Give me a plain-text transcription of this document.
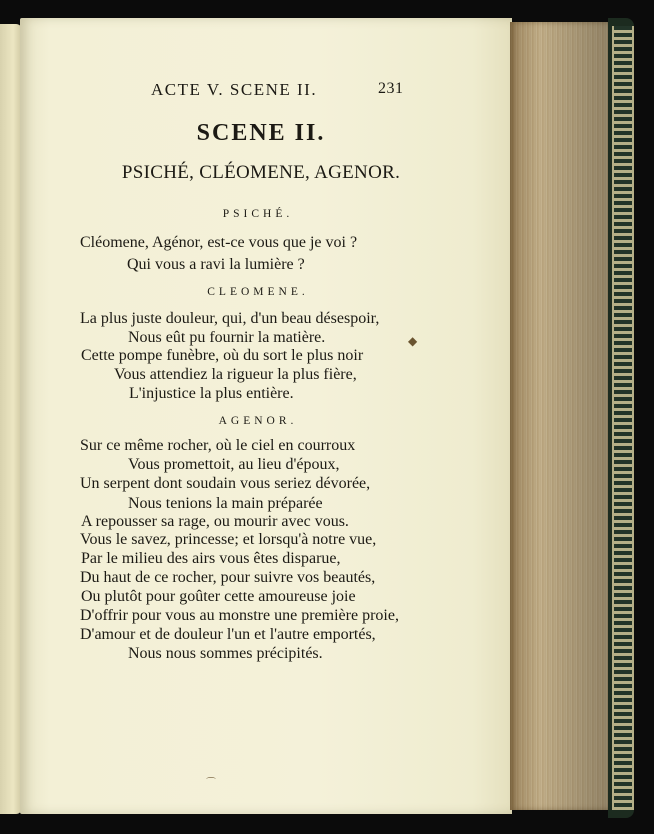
ACTE V. SCENE II.	231
SCENE II.
PSICHÉ, CLÉOMENE, AGENOR.
PSICHÉ.
Cléomene, Agénor, est-ce vous que je voi ?
Qui vous a ravi la lumière ?
CLEOMENE.
La plus juste douleur, qui, d'un beau désespoir,
Nous eût pu fournir la matière.
Cette pompe funèbre, où du sort le plus noir
Vous attendiez la rigueur la plus fière,
L'injustice la plus entière.
AGENOR.
Sur ce même rocher, où le ciel en courroux
Vous promettoit, au lieu d'époux,
Un serpent dont soudain vous seriez dévorée,
Nous tenions la main préparée
A repousser sa rage, ou mourir avec vous.
Vous le savez, princesse; et lorsqu'à notre vue,
Par le milieu des airs vous êtes disparue,
Du haut de ce rocher, pour suivre vos beautés,
Ou plutôt pour goûter cette amoureuse joie
D'offrir pour vous au monstre une première proie,
D'amour et de douleur l'un et l'autre emportés,
Nous nous sommes précipités.
◆
⌒
